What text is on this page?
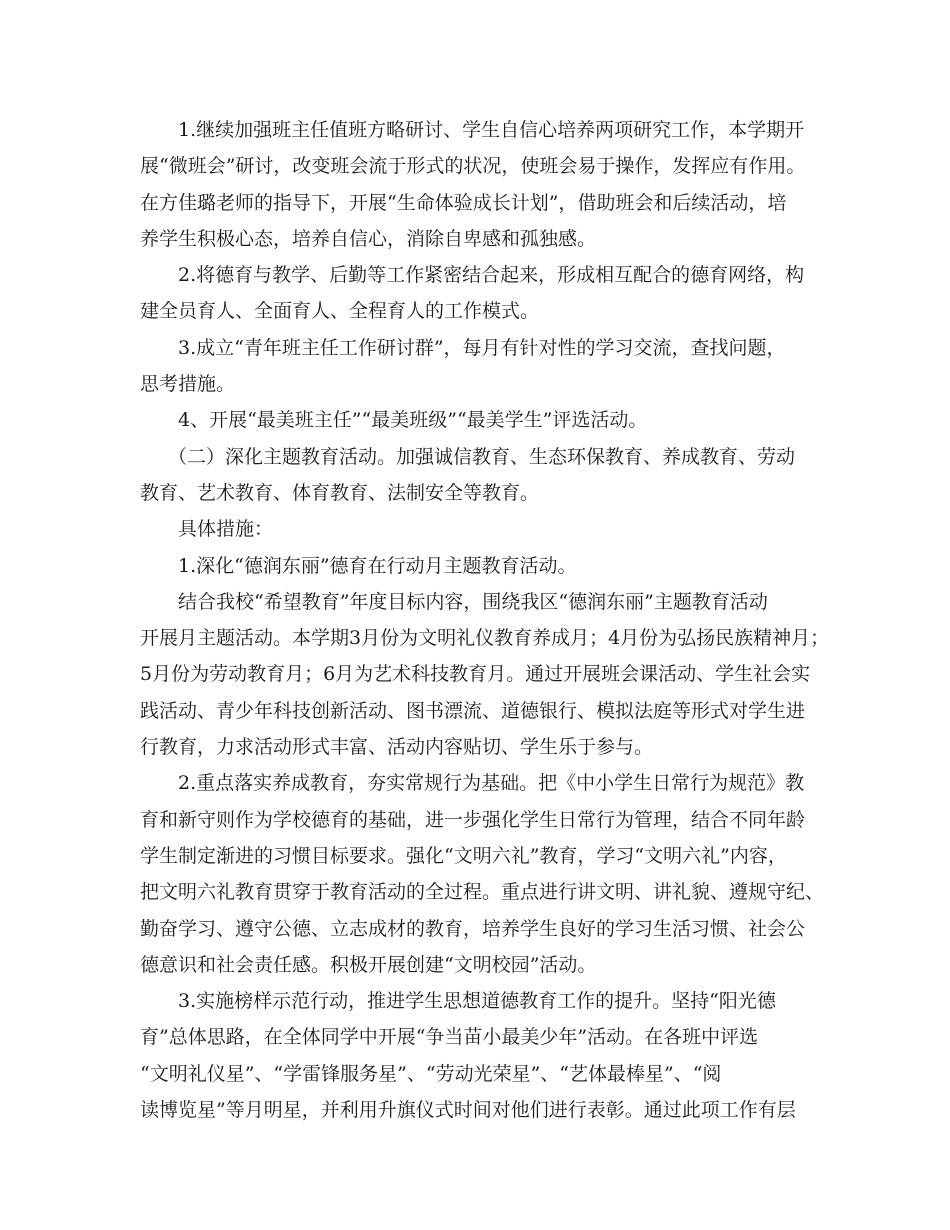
1.继续加强班主任值班方略研讨、学生自信心培养两项研究工作，本学期开

展“微班会”研讨，改变班会流于形式的状况，使班会易于操作，发挥应有作用。

在方佳璐老师的指导下，开展“生命体验成长计划”，借助班会和后续活动，培

养学生积极心态，培养自信心，消除自卑感和孤独感。

2.将德育与教学、后勤等工作紧密结合起来，形成相互配合的德育网络，构

建全员育人、全面育人、全程育人的工作模式。

3.成立“青年班主任工作研讨群”，每月有针对性的学习交流，查找问题，

思考措施。

4、开展“最美班主任”“最美班级”“最美学生”评选活动。

（二）深化主题教育活动。加强诚信教育、生态环保教育、养成教育、劳动

教育、艺术教育、体育教育、法制安全等教育。

具体措施：

1.深化“德润东丽”德育在行动月主题教育活动。

结合我校“希望教育”年度目标内容，围绕我区“德润东丽”主题教育活动

开展月主题活动。本学期3月份为文明礼仪教育养成月；4月份为弘扬民族精神月；

5月份为劳动教育月；6月为艺术科技教育月。通过开展班会课活动、学生社会实

践活动、青少年科技创新活动、图书漂流、道德银行、模拟法庭等形式对学生进

行教育，力求活动形式丰富、活动内容贴切、学生乐于参与。

2.重点落实养成教育，夯实常规行为基础。把《中小学生日常行为规范》教

育和新守则作为学校德育的基础，进一步强化学生日常行为管理，结合不同年龄

学生制定渐进的习惯目标要求。强化“文明六礼”教育，学习“文明六礼”内容，

把文明六礼教育贯穿于教育活动的全过程。重点进行讲文明、讲礼貌、遵规守纪、

勤奋学习、遵守公德、立志成材的教育，培养学生良好的学习生活习惯、社会公

德意识和社会责任感。积极开展创建“文明校园”活动。

3.实施榜样示范行动，推进学生思想道德教育工作的提升。坚持“阳光德

育”总体思路，在全体同学中开展“争当苗小最美少年”活动。在各班中评选

“文明礼仪星”、“学雷锋服务星”、“劳动光荣星”、“艺体最棒星”、“阅

读博览星”等月明星，并利用升旗仪式时间对他们进行表彰。通过此项工作有层
